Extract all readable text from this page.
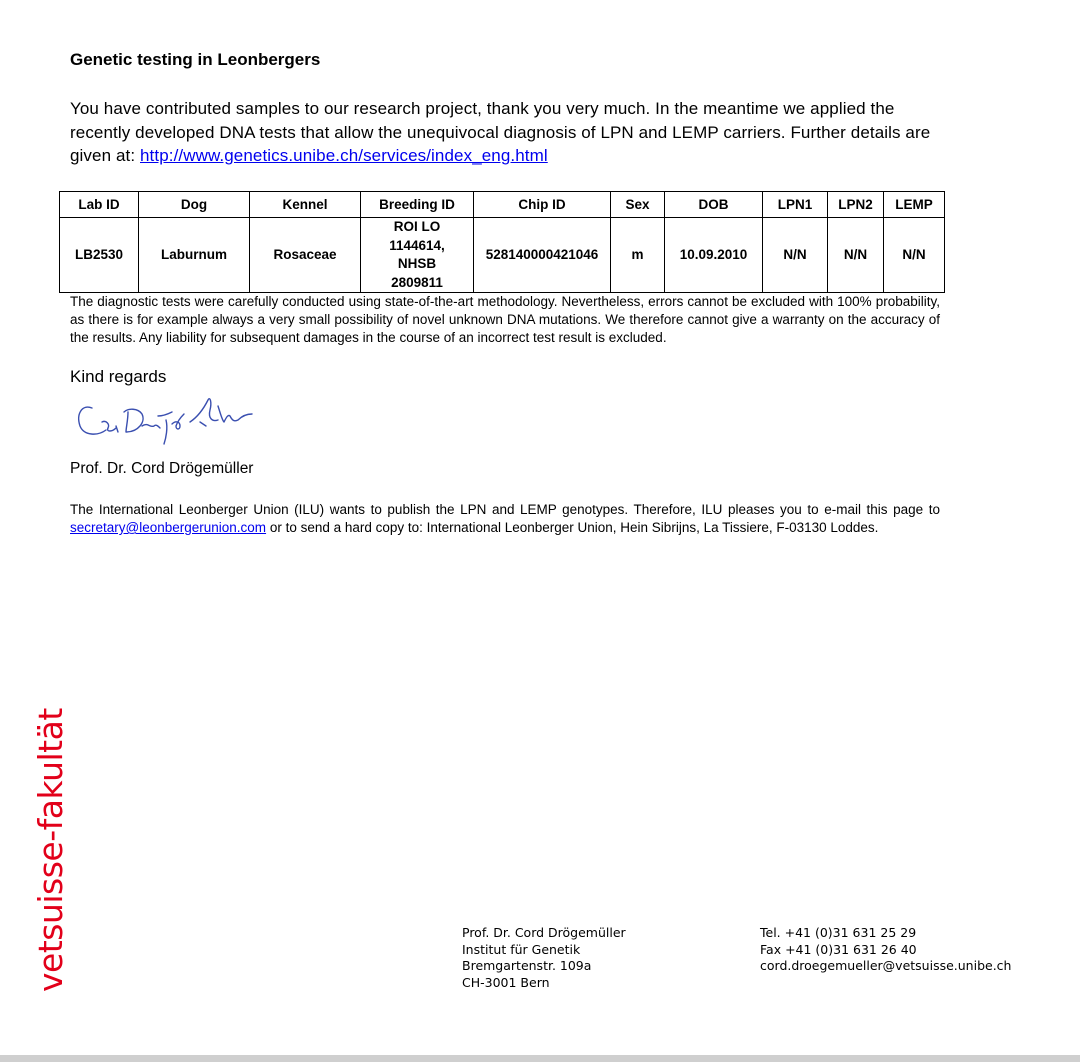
Genetic testing in Leonbergers

You have contributed samples to our research project, thank you very much. In the meantime we applied the recently developed DNA tests that allow the unequivocal diagnosis of LPN and LEMP carriers. Further details are given at: http://www.genetics.unibe.ch/services/index_eng.html

Lab ID	Dog	Kennel	Breeding ID	Chip ID	Sex	DOB	LPN1	LPN2	LEMP
LB2530	Laburnum	Rosaceae	ROI LO
1144614,
NHSB
2809811	528140000421046	m	10.09.2010	N/N	N/N	N/N

The diagnostic tests were carefully conducted using state-of-the-art methodology. Nevertheless, errors cannot be excluded with 100% probability, as there is for example always a very small possibility of novel unknown DNA mutations. We therefore cannot give a warranty on the accuracy of the results. Any liability for subsequent damages in the course of an incorrect test result is excluded.

Kind regards

Prof. Dr. Cord Drögemüller

The International Leonberger Union (ILU) wants to publish the LPN and LEMP genotypes. Therefore, ILU pleases you to e-mail this page to secretary@leonbergerunion.com or to send a hard copy to: International Leonberger Union, Hein Sibrijns, La Tissiere, F-03130 Loddes.

vetsuisse-fakultät	Prof. Dr. Cord Drögemüller
Institut für Genetik
Bremgartenstr. 109a
CH-3001 Bern
Tel. +41 (0)31 631 25 29
Fax +41 (0)31 631 26 40
cord.droegemueller@vetsuisse.unibe.ch
